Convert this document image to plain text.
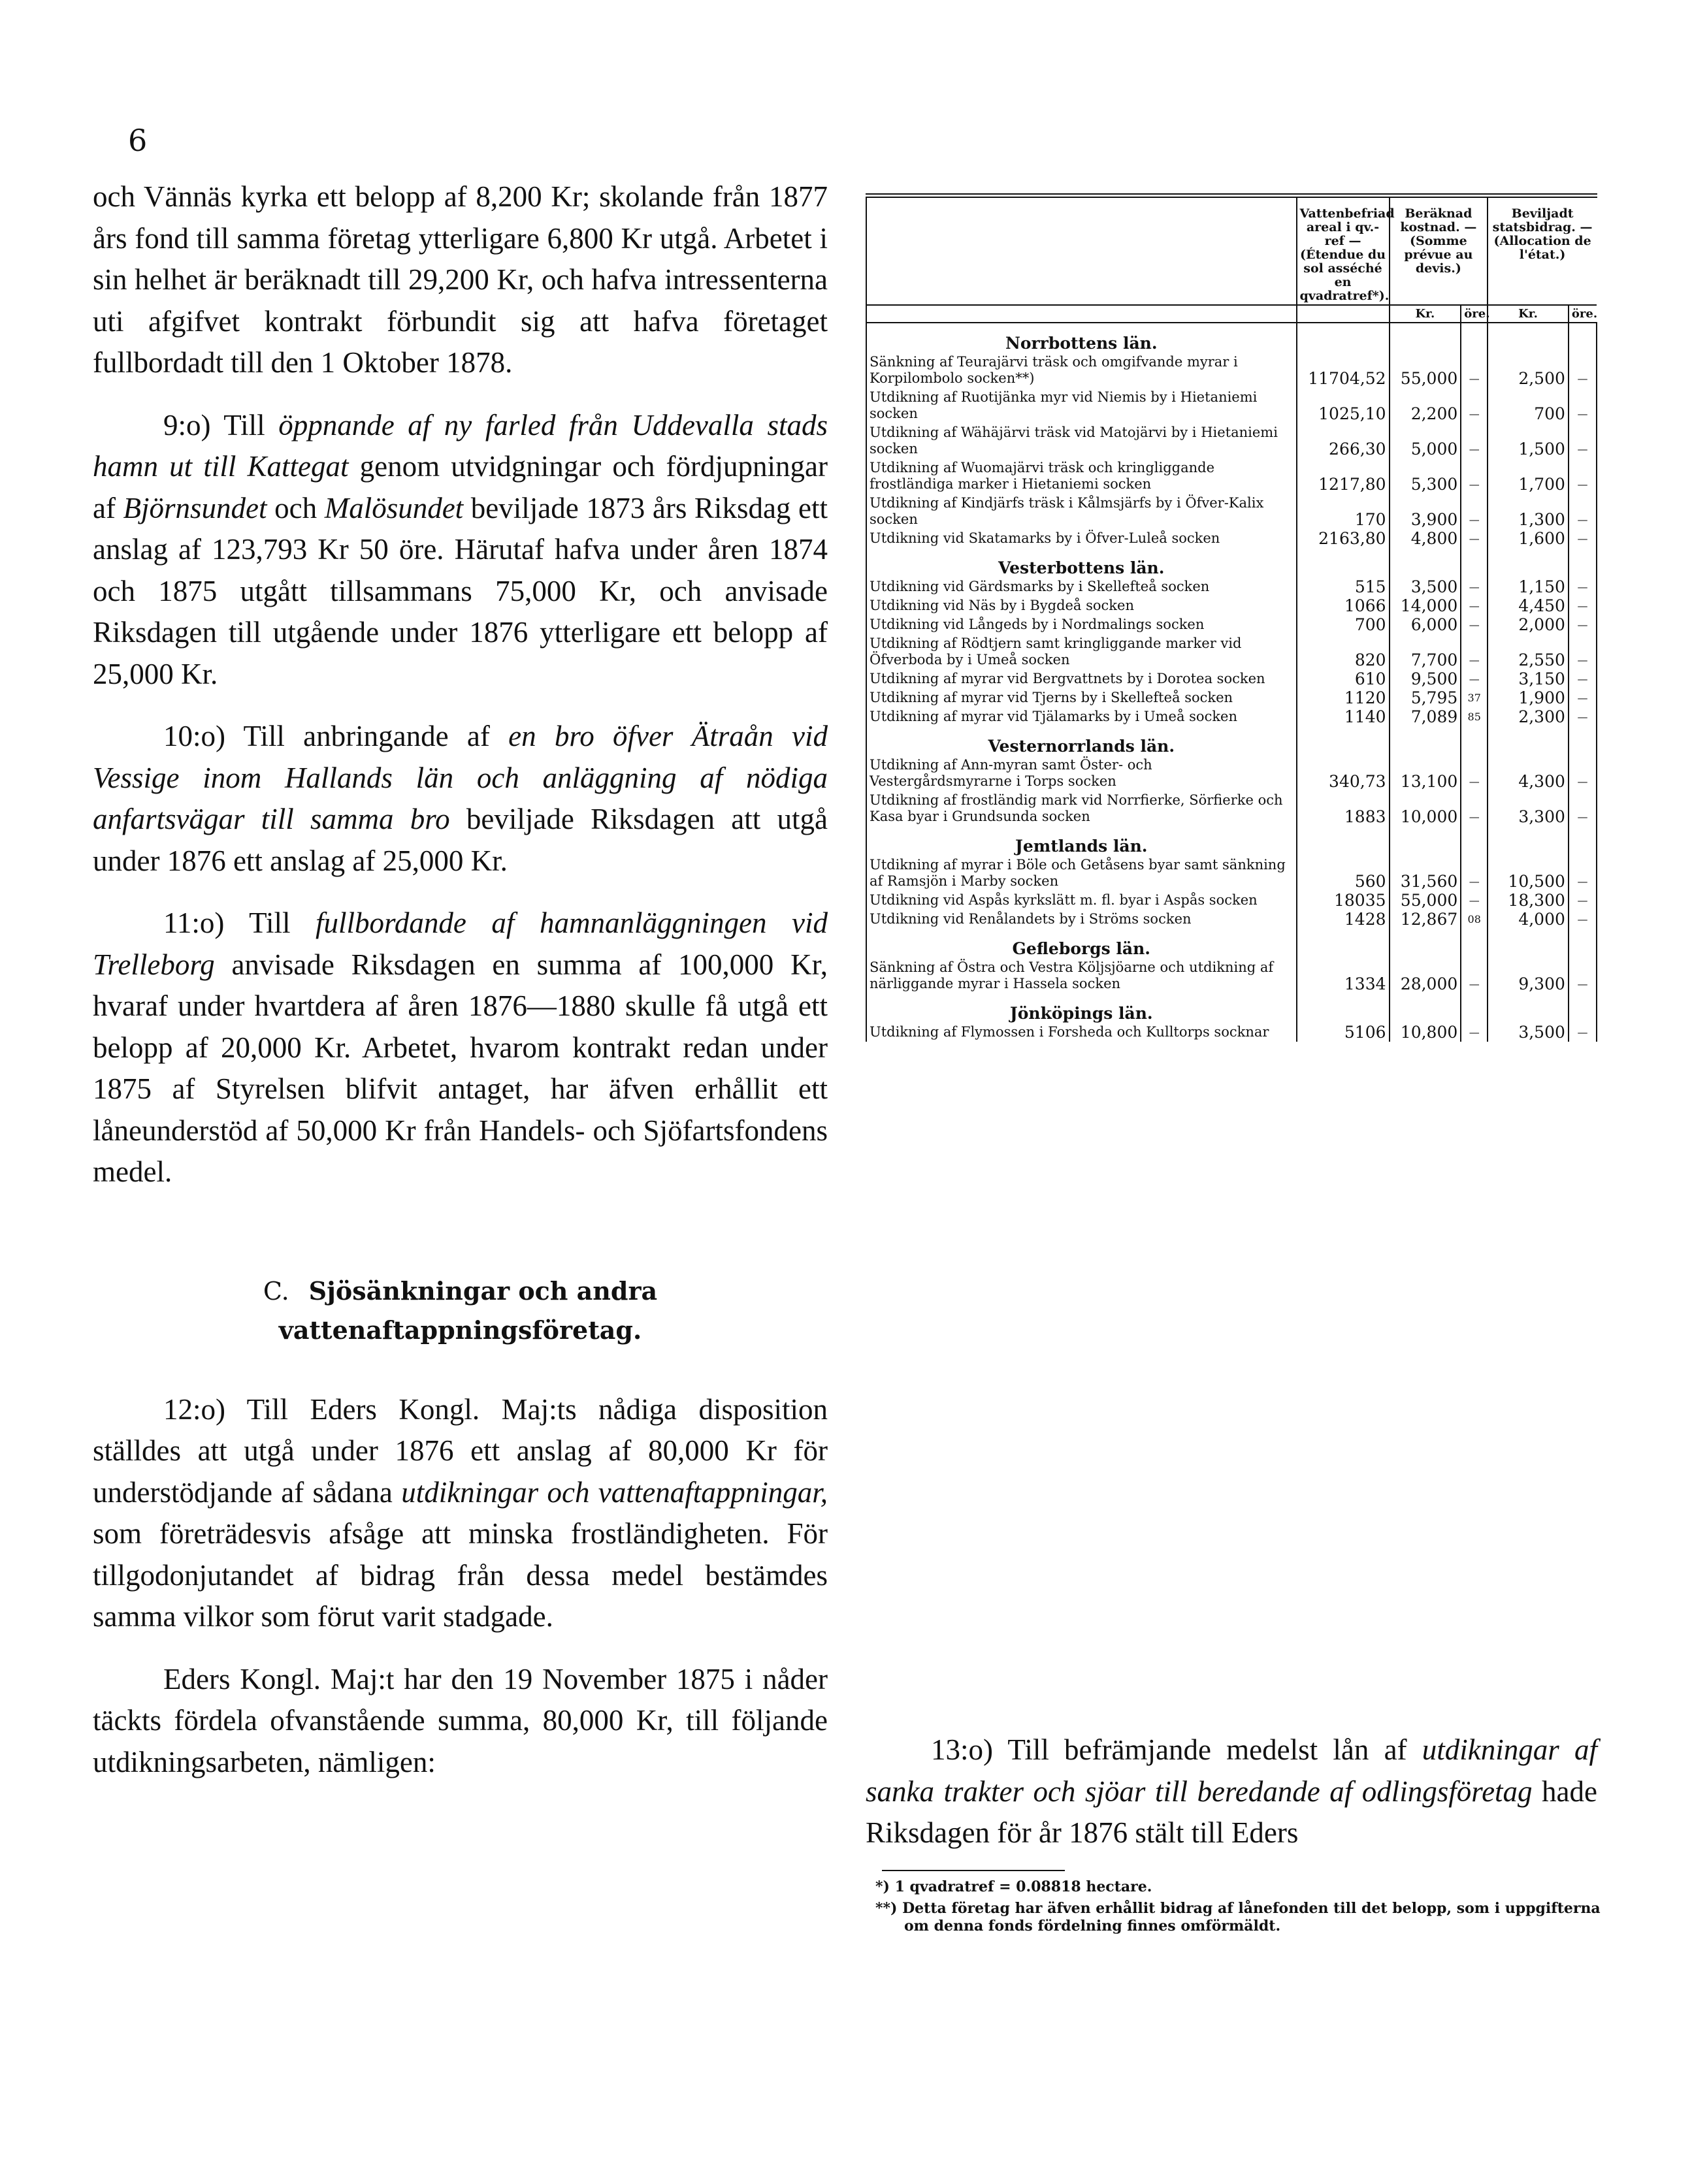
6

och Vännäs kyrka ett belopp af 8,200 Kr; skolande från 1877 års fond till samma företag ytterligare 6,800 Kr utgå. Arbetet i sin helhet är beräknadt till 29,200 Kr, och hafva intressenterna uti afgifvet kontrakt förbundit sig att hafva företaget fullbordadt till den 1 Oktober 1878.

9:o) Till öppnande af ny farled från Uddevalla stads hamn ut till Kattegat genom utvidgningar och fördjupningar af Björnsundet och Malösundet beviljade 1873 års Riksdag ett anslag af 123,793 Kr 50 öre. Härutaf hafva under åren 1874 och 1875 utgått tillsammans 75,000 Kr, och anvisade Riksdagen till utgående under 1876 ytterligare ett belopp af 25,000 Kr.

10:o) Till anbringande af en bro öfver Ätraån vid Vessige inom Hallands län och anläggning af nödiga anfartsvägar till samma bro beviljade Riksdagen att utgå under 1876 ett anslag af 25,000 Kr.

11:o) Till fullbordande af hamnanläggningen vid Trelleborg anvisade Riksdagen en summa af 100,000 Kr, hvaraf under hvartdera af åren 1876—1880 skulle få utgå ett belopp af 20,000 Kr. Arbetet, hvarom kontrakt redan under 1875 af Styrelsen blifvit antaget, har äfven erhållit ett låneunderstöd af 50,000 Kr från Handels- och Sjöfartsfondens medel.

C. Sjösänkningar och andra vattenaftappningsföretag.

12:o) Till Eders Kongl. Maj:ts nådiga disposition ställdes att utgå under 1876 ett anslag af 80,000 Kr för understödjande af sådana utdikningar och vattenaftappningar, som företrädesvis afsåge att minska frostländigheten. För tillgodonjutandet af bidrag från dessa medel bestämdes samma vilkor som förut varit stadgade.

Eders Kongl. Maj:t har den 19 November 1875 i nåder täckts fördela ofvanstående summa, 80,000 Kr, till följande utdikningsarbeten, nämligen:

	Vattenbefriad areal i qv.-ref — (Étendue du sol asséché en qvadratref*).	Beräknad kostnad. — (Somme prévue au devis.)		Beviljadt statsbidrag. — (Allocation de l'état.)	
		Kr.	öre.	Kr.	öre.
Norrbottens län.					
Sänkning af Teurajärvi träsk och omgifvande myrar i Korpilombolo socken**)	11704,52	55,000	—	2,500	—
Utdikning af Ruotijänka myr vid Niemis by i Hietaniemi socken	1025,10	2,200	—	700	—
Utdikning af Wähäjärvi träsk vid Matojärvi by i Hietaniemi socken	266,30	5,000	—	1,500	—
Utdikning af Wuomajärvi träsk och kringliggande frostländiga marker i Hietaniemi socken	1217,80	5,300	—	1,700	—
Utdikning af Kindjärfs träsk i Kålmsjärfs by i Öfver-Kalix socken	170	3,900	—	1,300	—
Utdikning vid Skatamarks by i Öfver-Luleå socken	2163,80	4,800	—	1,600	—
Vesterbottens län.					
Utdikning vid Gärdsmarks by i Skellefteå socken	515	3,500	—	1,150	—
Utdikning vid Näs by i Bygdeå socken	1066	14,000	—	4,450	—
Utdikning vid Långeds by i Nordmalings socken	700	6,000	—	2,000	—
Utdikning af Rödtjern samt kringliggande marker vid Öfverboda by i Umeå socken	820	7,700	—	2,550	—
Utdikning af myrar vid Bergvattnets by i Dorotea socken	610	9,500	—	3,150	—
Utdikning af myrar vid Tjerns by i Skellefteå socken	1120	5,795	37	1,900	—
Utdikning af myrar vid Tjälamarks by i Umeå socken	1140	7,089	85	2,300	—
Vesternorrlands län.					
Utdikning af Ann-myran samt Öster- och Vestergårdsmyrarne i Torps socken	340,73	13,100	—	4,300	—
Utdikning af frostländig mark vid Norrfierke, Sörfierke och Kasa byar i Grundsunda socken	1883	10,000	—	3,300	—
Jemtlands län.					
Utdikning af myrar i Böle och Getåsens byar samt sänkning af Ramsjön i Marby socken	560	31,560	—	10,500	—
Utdikning vid Aspås kyrkslätt m. fl. byar i Aspås socken	18035	55,000	—	18,300	—
Utdikning vid Renålandets by i Ströms socken	1428	12,867	08	4,000	—
Gefleborgs län.					
Sänkning af Östra och Vestra Köljsjöarne och utdikning af närliggande myrar i Hassela socken	1334	28,000	—	9,300	—
Jönköpings län.					
Utdikning af Flymossen i Forsheda och Kulltorps socknar	5106	10,800	—	3,500	—

13:o) Till befrämjande medelst lån af utdikningar af sanka trakter och sjöar till beredande af odlingsföretag hade Riksdagen för år 1876 stält till Eders

*) 1 qvadratref = 0.08818 hectare.
**) Detta företag har äfven erhållit bidrag af lånefonden till det belopp, som i uppgifterna om denna fonds fördelning finnes omförmäldt.
